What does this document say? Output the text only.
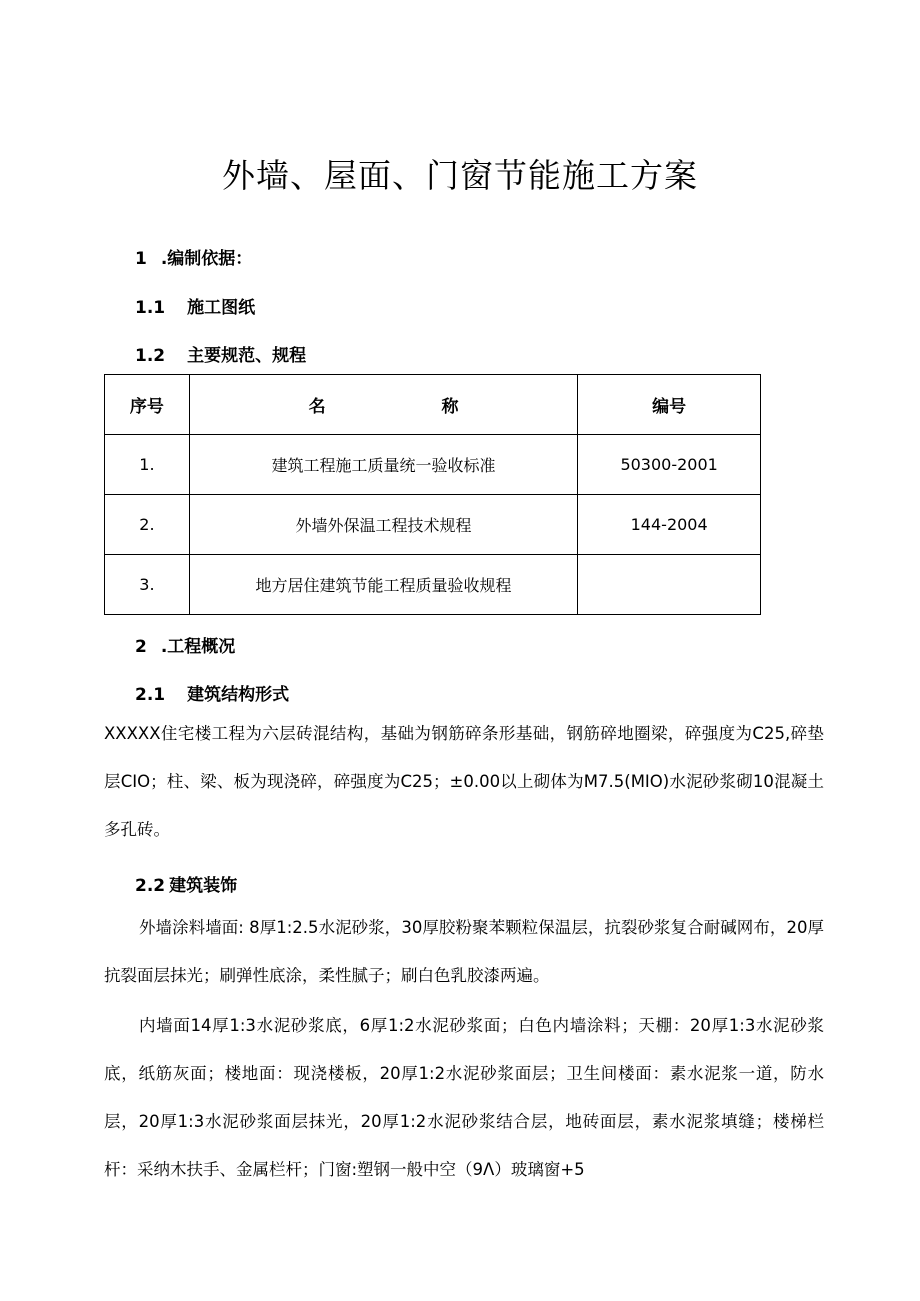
外墙、屋面、门窗节能施工方案
1 .编制依据：
1.1 施工图纸
1.2 主要规范、规程
序号	名称	编号
1.	建筑工程施工质量统一验收标准	50300-2001
2.	外墙外保温工程技术规程	144-2004
3.	地方居住建筑节能工程质量验收规程	
2 .工程概况
2.1 建筑结构形式
XXXXX住宅楼工程为六层砖混结构，基础为钢筋碎条形基础，钢筋碎地圈梁，碎强度为C25,碎垫层CIO；柱、梁、板为现浇碎，碎强度为C25；±0.00以上砌体为M7.5(MIO)水泥砂浆砌10混凝土多孔砖。
2.2 建筑装饰
外墙涂料墙面: 8厚1:2.5水泥砂浆，30厚胶粉聚苯颗粒保温层，抗裂砂浆复合耐碱网布，20厚抗裂面层抹光；刷弹性底涂，柔性腻子；刷白色乳胶漆两遍。
内墙面14厚1:3水泥砂浆底，6厚1:2水泥砂浆面；白色内墙涂料；天棚：20厚1:3水泥砂浆底，纸筋灰面；楼地面：现浇楼板，20厚1:2水泥砂浆面层；卫生间楼面：素水泥浆一道，防水层，20厚1:3水泥砂浆面层抹光，20厚1:2水泥砂浆结合层，地砖面层，素水泥浆填缝；楼梯栏杆：采纳木扶手、金属栏杆；门窗:塑钢一般中空（9Λ）玻璃窗+5
